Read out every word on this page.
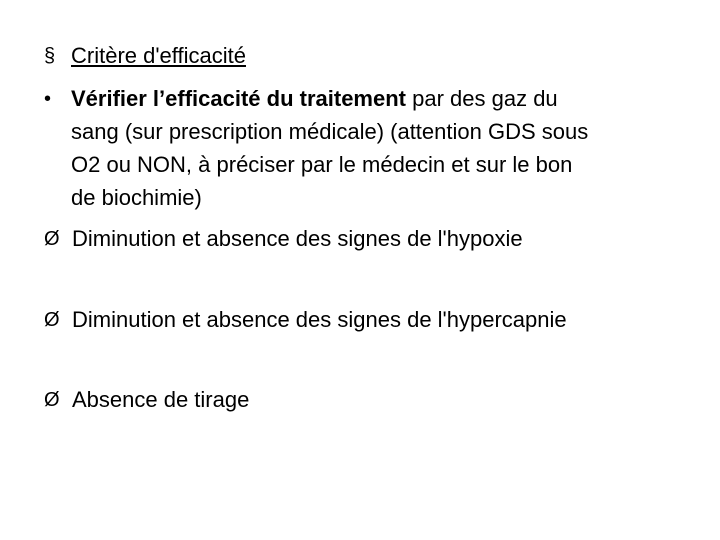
§ Critère d'efficacité
• Vérifier l’efficacité du traitement par des gaz du
sang (sur prescription médicale) (attention GDS sous
O2 ou NON, à préciser par le médecin et sur le bon
de biochimie)
Ø Diminution et absence des signes de l'hypoxie
Ø Diminution et absence des signes de l'hypercapnie
Ø Absence de tirage
